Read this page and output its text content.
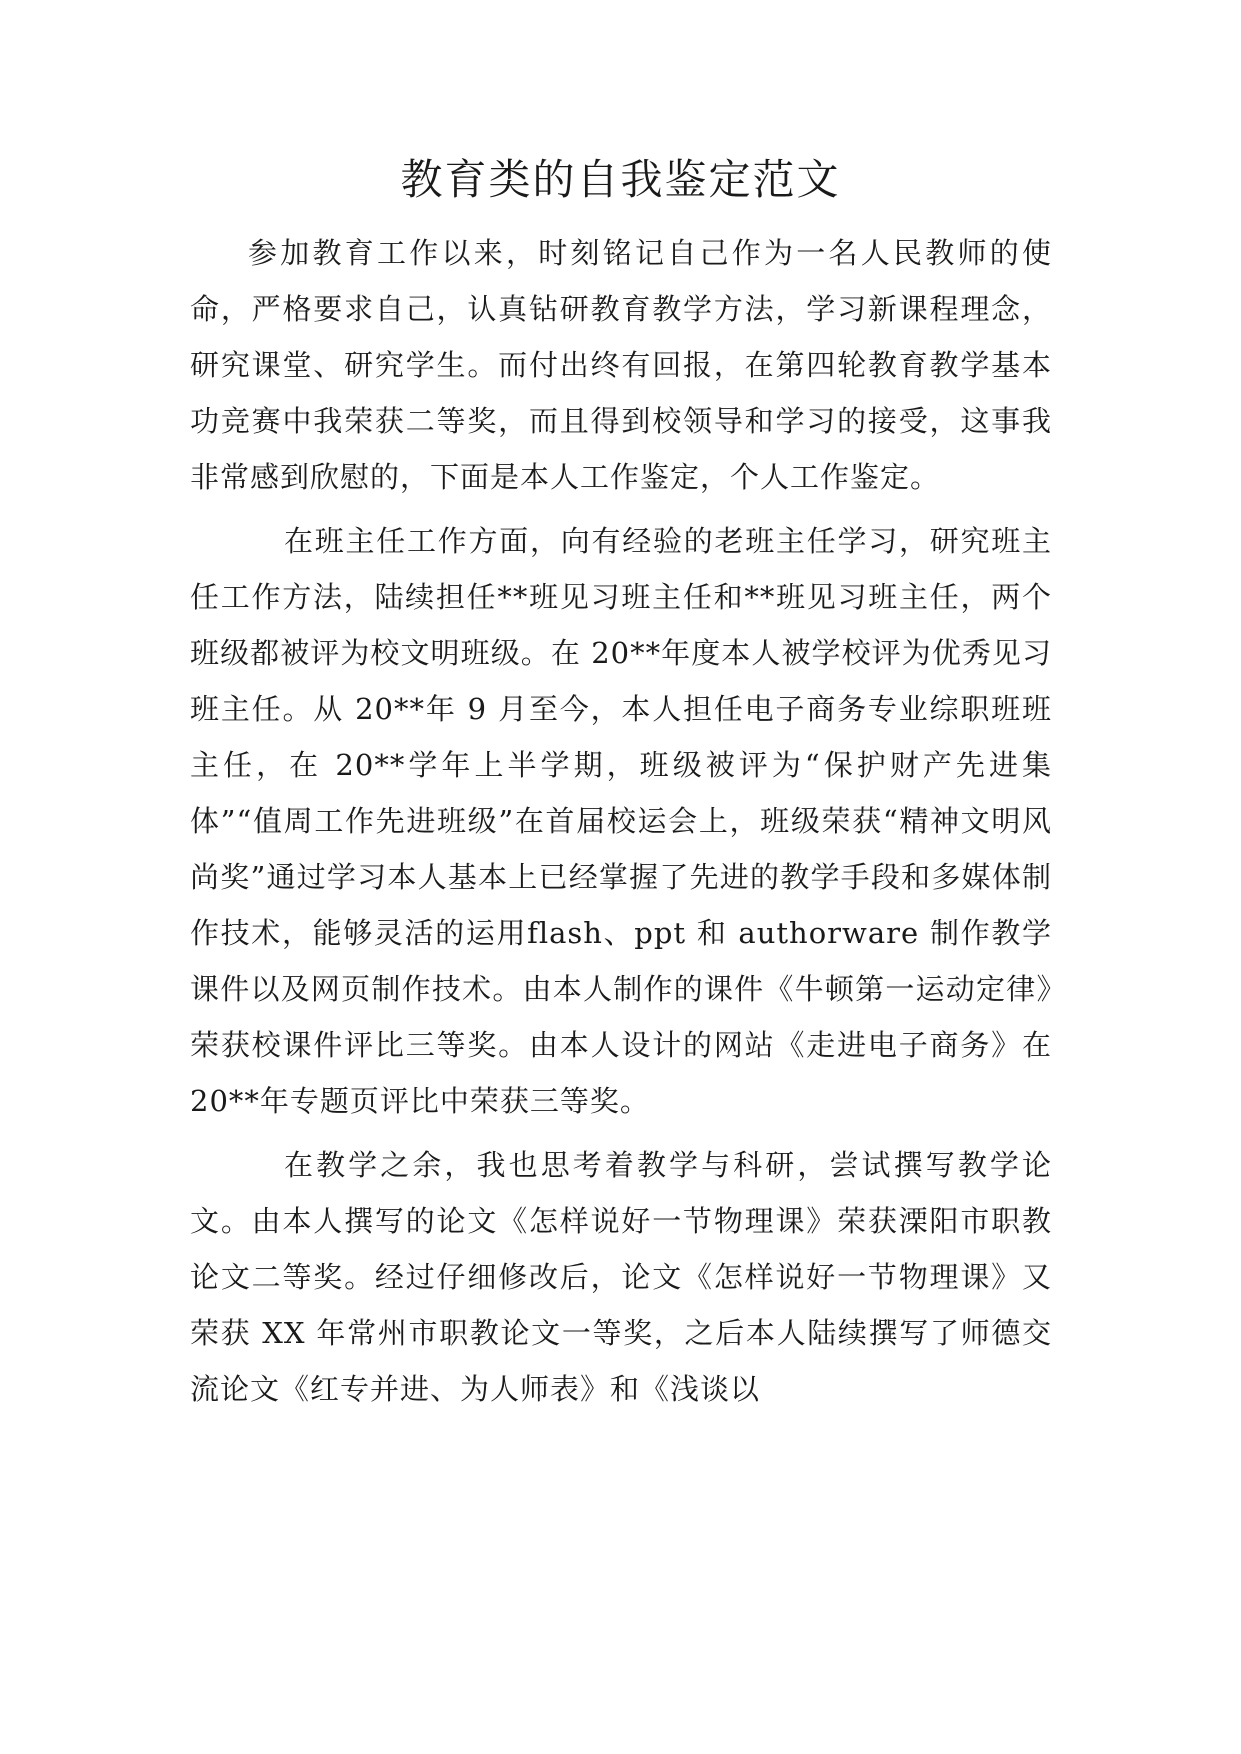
教育类的自我鉴定范文

参加教育工作以来，时刻铭记自己作为一名人民教师的使命，严格要求自己，认真钻研教育教学方法，学习新课程理念，研究课堂、研究学生。而付出终有回报，在第四轮教育教学基本功竞赛中我荣获二等奖，而且得到校领导和学习的接受，这事我非常感到欣慰的，下面是本人工作鉴定，个人工作鉴定。

在班主任工作方面，向有经验的老班主任学习，研究班主任工作方法，陆续担任**班见习班主任和**班见习班主任，两个班级都被评为校文明班级。在 20**年度本人被学校评为优秀见习班主任。从 20**年 9 月至今，本人担任电子商务专业综职班班主任，在 20**学年上半学期，班级被评为“保护财产先进集体”“值周工作先进班级”在首届校运会上，班级荣获“精神文明风尚奖”通过学习本人基本上已经掌握了先进的教学手段和多媒体制作技术，能够灵活的运用flash、ppt 和 authorware 制作教学课件以及网页制作技术。由本人制作的课件《牛顿第一运动定律》荣获校课件评比三等奖。由本人设计的网站《走进电子商务》在 20**年专题页评比中荣获三等奖。

在教学之余，我也思考着教学与科研，尝试撰写教学论文。由本人撰写的论文《怎样说好一节物理课》荣获溧阳市职教论文二等奖。经过仔细修改后，论文《怎样说好一节物理课》又荣获 XX 年常州市职教论文一等奖，之后本人陆续撰写了师德交流论文《红专并进、为人师表》和《浅谈以
